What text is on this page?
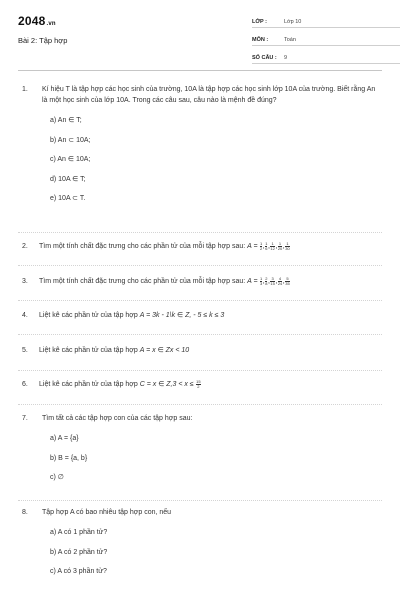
2048.vn
Bài 2: Tập hợp
LỚP :	Lớp 10
MÔN :	Toán
SỐ CÂU : 9
1. Kí hiệu T là tập hợp các học sinh của trường, 10A là tập hợp các học sinh lớp 10A của trường. Biết rằng An là một học sinh của lớp 10A. Trong các câu sau, câu nào là mệnh đề đúng?
a) An ∈ T;
b) An ⊂ 10A;
c) An ∈ 10A;
d) 10A ∈ T;
e) 10A ⊂ T.
2. Tìm một tính chất đặc trưng cho các phần tử của mỗi tập hợp sau: $A = \frac{1}{2}$ , $\frac{1}{6}$ , $\frac{1}{12}$ , $\frac{1}{20}$ , $\frac{1}{30}$
3. Tìm một tính chất đặc trưng cho các phần tử của mỗi tập hợp sau: $A = \frac{1}{3}$ , $\frac{2}{8}$ , $\frac{3}{15}$ , $\frac{4}{24}$ , $\frac{5}{35}$
4. Liệt kê các phần tử của tập hợp A = 3k - 1\k ∈ Z, - 5 ≤ k ≤ 3
5. Liệt kê các phần tử của tập hợp A = x ∈ Zx < 10
6. Liệt kê các phần tử của tập hợp C = x ∈ $Z,3 < x \le \frac{15}{2}$
7. Tìm tất cả các tập hợp con của các tập hợp sau:
a) A = {a}
b) B = {a, b}
c) ∅
8. Tập hợp A có bao nhiêu tập hợp con, nếu
a) A có 1 phần tử?
b) A có 2 phần tử?
c) A có 3 phần tử?
